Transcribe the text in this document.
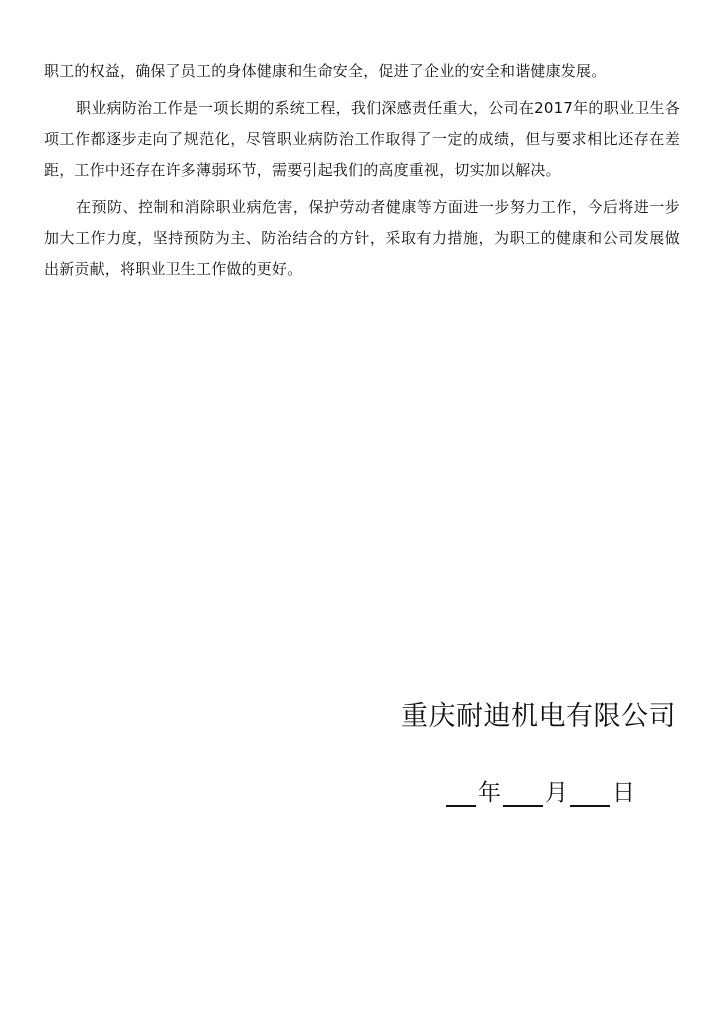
职工的权益，确保了员工的身体健康和生命安全，促进了企业的安全和谐健康发展。

职业病防治工作是一项长期的系统工程，我们深感责任重大，公司在2017年的职业卫生各项工作都逐步走向了规范化，尽管职业病防治工作取得了一定的成绩，但与要求相比还存在差距，工作中还存在许多薄弱环节，需要引起我们的高度重视，切实加以解决。

在预防、控制和消除职业病危害，保护劳动者健康等方面进一步努力工作，今后将进一步加大工作力度，坚持预防为主、防治结合的方针，采取有力措施，为职工的健康和公司发展做出新贡献，将职业卫生工作做的更好。

重庆耐迪机电有限公司
年 月 日
